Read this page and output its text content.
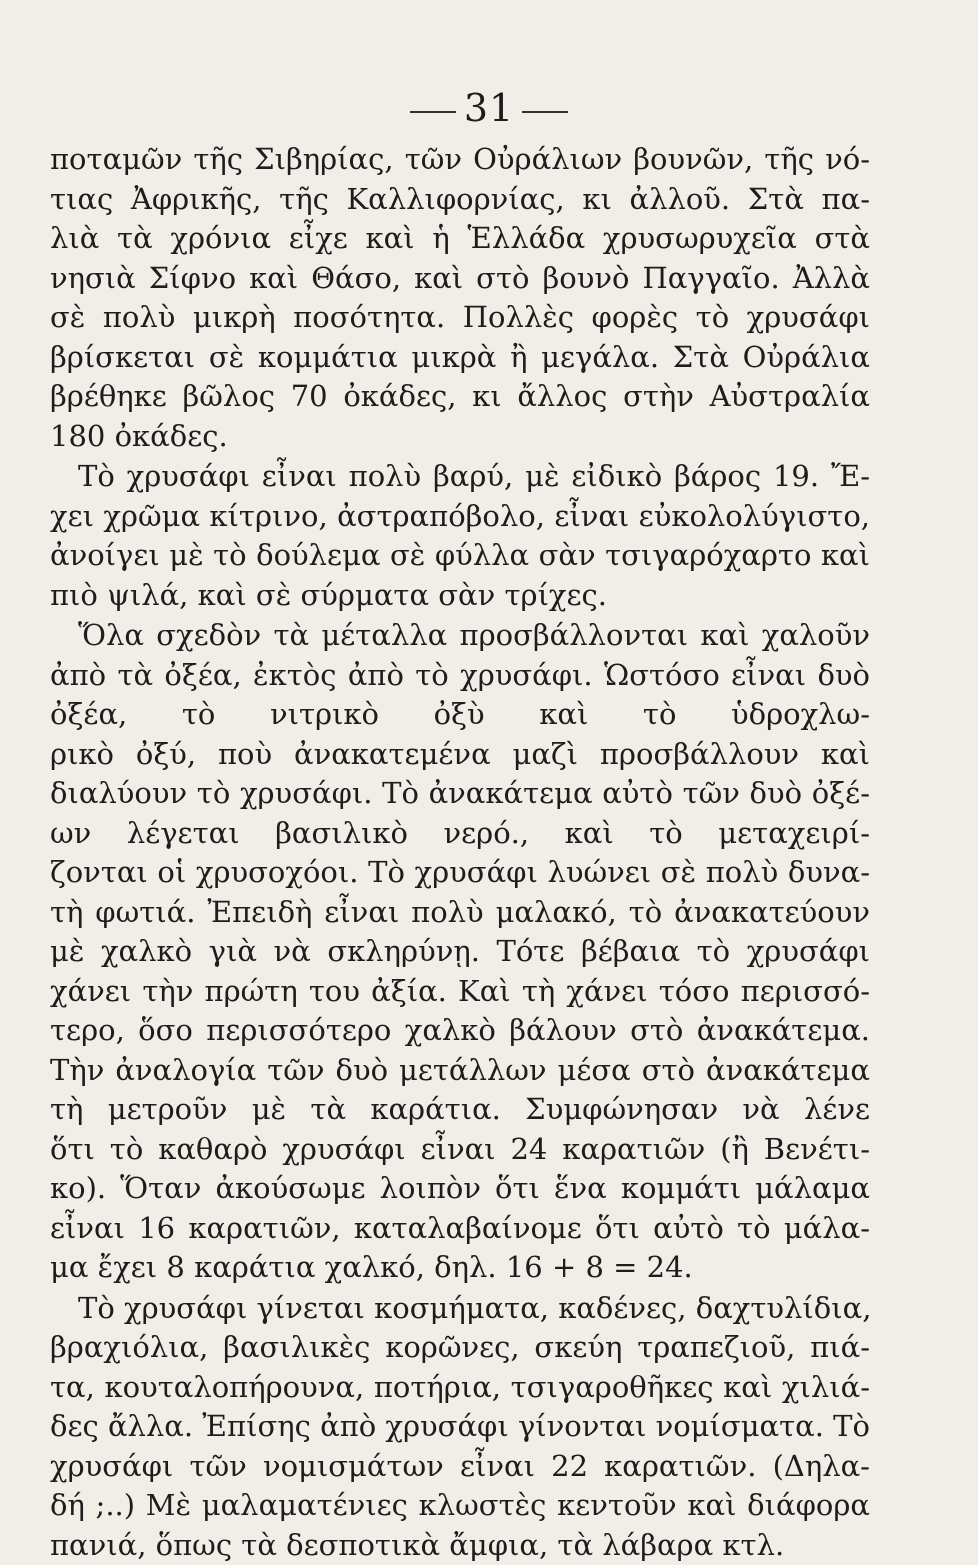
31
ποταμῶν τῆς Σιβηρίας, τῶν Οὐράλιων βουνῶν, τῆς νό-
τιας Ἀφρικῆς, τῆς Καλλιφορνίας, κι ἀλλοῦ. Στὰ πα-
λιὰ τὰ χρόνια εἶχε καὶ ἡ Ἑλλάδα χρυσωρυχεῖα στὰ
νησιὰ Σίφνο καὶ Θάσο, καὶ στὸ βουνὸ Παγγαῖο. Ἀλλὰ
σὲ πολὺ μικρὴ ποσότητα. Πολλὲς φορὲς τὸ χρυσάφι
βρίσκεται σὲ κομμάτια μικρὰ ἢ μεγάλα. Στὰ Οὐράλια
βρέθηκε βῶλος 70 ὀκάδες, κι ἄλλος στὴν Αὐστραλία
180 ὀκάδες.
Τὸ χρυσάφι εἶναι πολὺ βαρύ, μὲ εἰδικὸ βάρος 19. Ἔ-
χει χρῶμα κίτρινο, ἀστραπόβολο, εἶναι εὐκολολύγιστο,
ἀνοίγει μὲ τὸ δούλεμα σὲ φύλλα σὰν τσιγαρόχαρτο καὶ
πιὸ ψιλά, καὶ σὲ σύρματα σὰν τρίχες.
Ὅλα σχεδὸν τὰ μέταλλα προσβάλλονται καὶ χαλοῦν
ἀπὸ τὰ ὀξέα, ἐκτὸς ἀπὸ τὸ χρυσάφι. Ὡστόσο εἶναι δυὸ
ὀξέα, τὸ νιτρικὸ ὀξὺ καὶ τὸ ὑδροχλω-
ρικὸ ὀξύ, ποὺ ἀνακατεμένα μαζὶ προσβάλλουν καὶ
διαλύουν τὸ χρυσάφι. Τὸ ἀνακάτεμα αὐτὸ τῶν δυὸ ὀξέ-
ων λέγεται βασιλικὸ νερό., καὶ τὸ μεταχειρί-
ζονται οἱ χρυσοχόοι. Τὸ χρυσάφι λυώνει σὲ πολὺ δυνα-
τὴ φωτιά. Ἐπειδὴ εἶναι πολὺ μαλακό, τὸ ἀνακατεύουν
μὲ χαλκὸ γιὰ νὰ σκληρύνῃ. Τότε βέβαια τὸ χρυσάφι
χάνει τὴν πρώτη του ἀξία. Καὶ τὴ χάνει τόσο περισσό-
τερο, ὅσο περισσότερο χαλκὸ βάλουν στὸ ἀνακάτεμα.
Τὴν ἀναλογία τῶν δυὸ μετάλλων μέσα στὸ ἀνακάτεμα
τὴ μετροῦν μὲ τὰ καράτια. Συμφώνησαν νὰ λένε
ὅτι τὸ καθαρὸ χρυσάφι εἶναι 24 καρατιῶν (ἢ Βενέτι-
κο). Ὅταν ἀκούσωμε λοιπὸν ὅτι ἕνα κομμάτι μάλαμα
εἶναι 16 καρατιῶν, καταλαβαίνομε ὅτι αὐτὸ τὸ μάλα-
μα ἔχει 8 καράτια χαλκό, δηλ. 16 + 8 = 24.
Τὸ χρυσάφι γίνεται κοσμήματα, καδένες, δαχτυλίδια,
βραχιόλια, βασιλικὲς κορῶνες, σκεύη τραπεζιοῦ, πιά-
τα, κουταλοπήρουνα, ποτήρια, τσιγαροθῆκες καὶ χιλιά-
δες ἄλλα. Ἐπίσης ἀπὸ χρυσάφι γίνονται νομίσματα. Τὸ
χρυσάφι τῶν νομισμάτων εἶναι 22 καρατιῶν. (Δηλα-
δή ;..) Μὲ μαλαματένιες κλωστὲς κεντοῦν καὶ διάφορα
πανιά, ὅπως τὰ δεσποτικὰ ἄμφια, τὰ λάβαρα κτλ.
